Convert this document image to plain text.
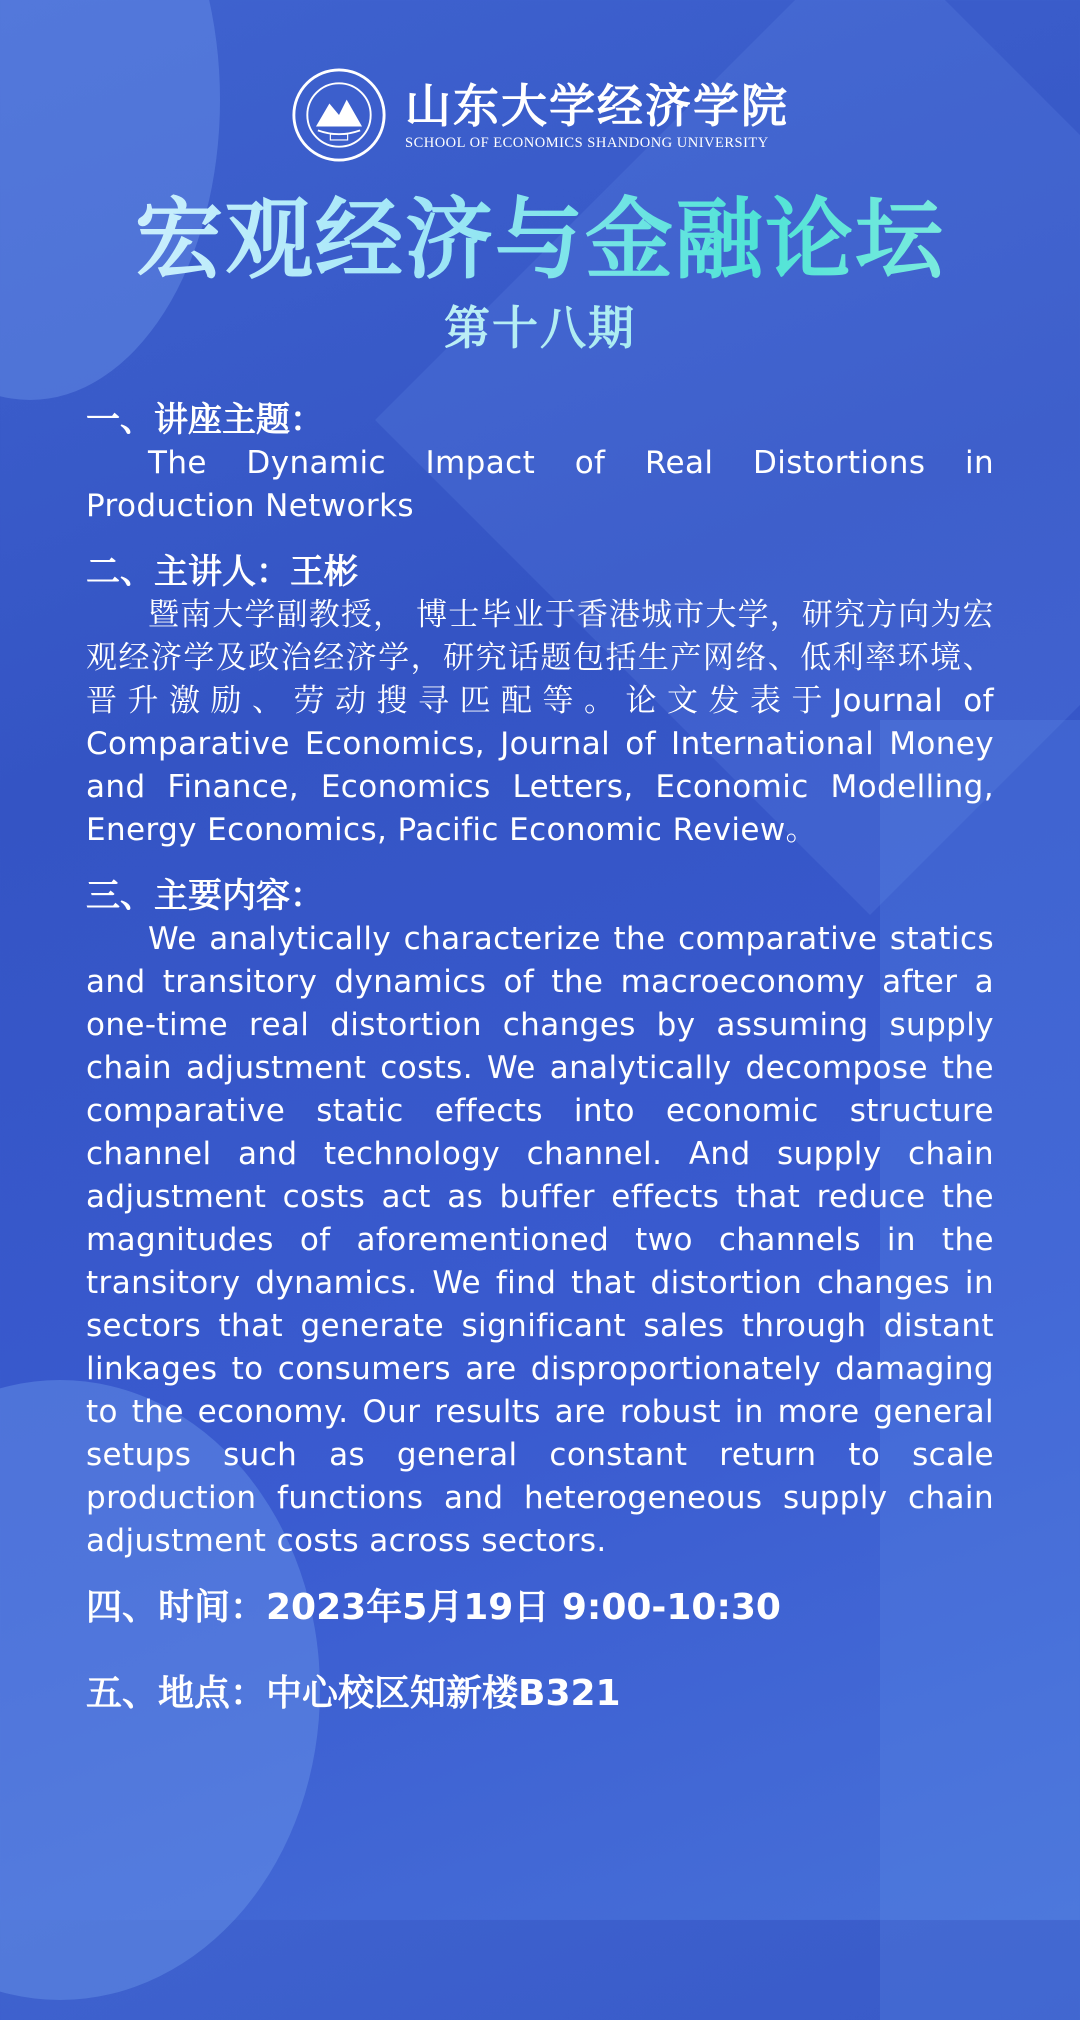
山东大学经济学院
SCHOOL OF ECONOMICS SHANDONG UNIVERSITY
宏观经济与金融论坛
第十八期
一、讲座主题：
The Dynamic Impact of Real Distortions in Production Networks
二、主讲人：王彬
暨南大学副教授， 博士毕业于香港城市大学，研究方向为宏观经济学及政治经济学，研究话题包括生产网络、低利率环境、晋升激励、劳动搜寻匹配等。论文发表于Journal of Comparative Economics, Journal of International Money and Finance, Economics Letters, Economic Modelling, Energy Economics, Pacific Economic Review。
三、主要内容：
We analytically characterize the comparative statics and transitory dynamics of the macroeconomy after a one-time real distortion changes by assuming supply chain adjustment costs. We analytically decompose the comparative static effects into economic structure channel and technology channel. And supply chain adjustment costs act as buffer effects that reduce the magnitudes of aforementioned two channels in the transitory dynamics. We find that distortion changes in sectors that generate significant sales through distant linkages to consumers are disproportionately damaging to the economy. Our results are robust in more general setups such as general constant return to scale production functions and heterogeneous supply chain adjustment costs across sectors.
四、时间：2023年5月19日 9:00-10:30
五、地点：中心校区知新楼B321
